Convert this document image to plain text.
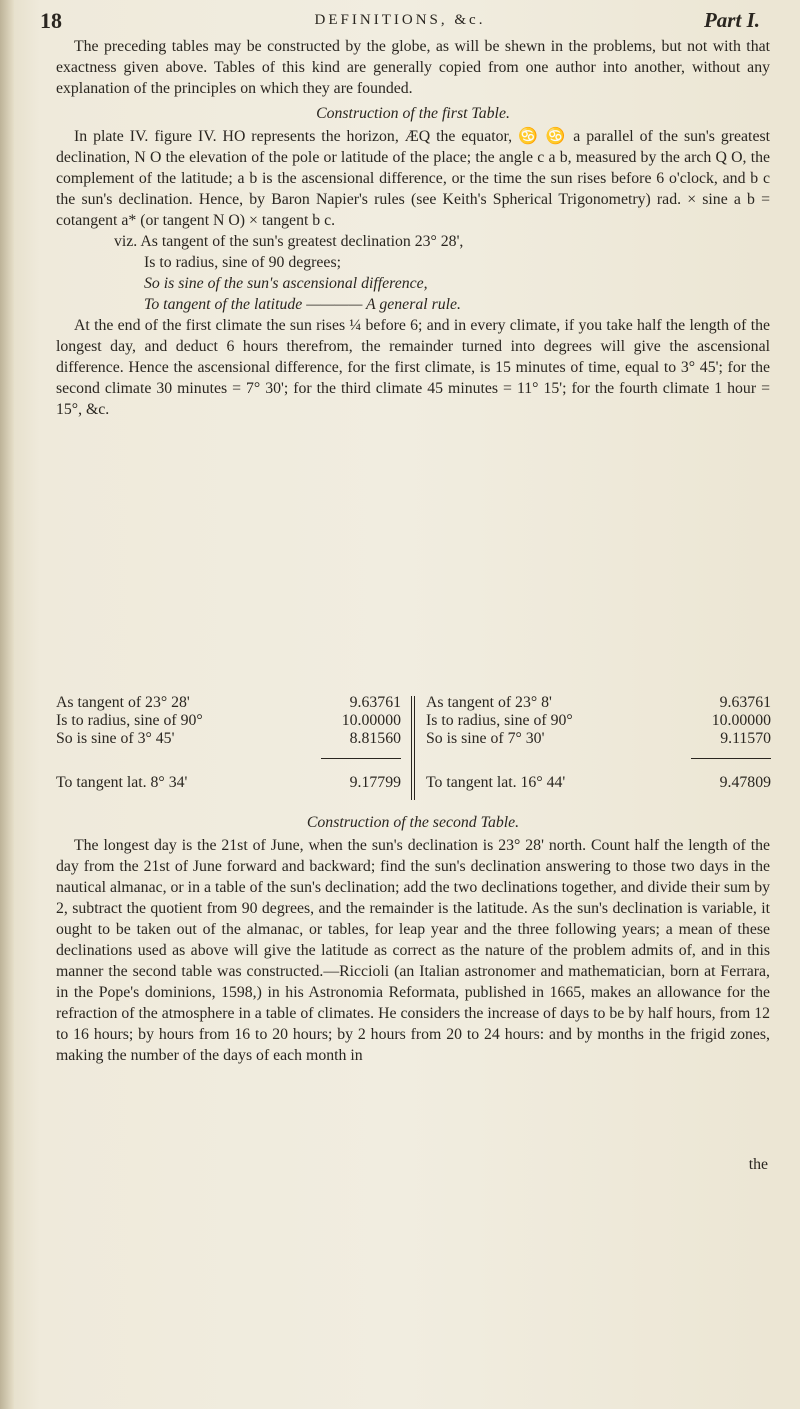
18	DEFINITIONS, &c.	Part I.

The preceding tables may be constructed by the globe, as will be shewn in the problems, but not with that exactness given above. Tables of this kind are generally copied from one author into another, without any explanation of the principles on which they are founded.

Construction of the first Table.

In plate IV. figure IV. HO represents the horizon, ÆQ the equator, ♋ ♋ a parallel of the sun's greatest declination, N O the elevation of the pole or latitude of the place; the angle c a b, measured by the arch Q O, the complement of the latitude; a b is the ascensional difference, or the time the sun rises before 6 o'clock, and b c the sun's declination. Hence, by Baron Napier's rules (see Keith's Spherical Trigonometry) rad. × sine a b = cotangent a* (or tangent N O) × tangent b c.

viz. As tangent of the sun's greatest declination 23° 28',

Is to radius, sine of 90 degrees;

So is sine of the sun's ascensional difference,

To tangent of the latitude ———— A general rule.

At the end of the first climate the sun rises ¼ before 6; and in every climate, if you take half the length of the longest day, and deduct 6 hours therefrom, the remainder turned into degrees will give the ascensional difference. Hence the ascensional difference, for the first climate, is 15 minutes of time, equal to 3° 45'; for the second climate 30 minutes = 7° 30'; for the third climate 45 minutes = 11° 15'; for the fourth climate 1 hour = 15°, &c.

As tangent of 23° 28'	9.63761
Is to radius, sine of 90°	10.00000
So is sine of 3° 45'	8.81560
To tangent lat. 8° 34'	9.17799
As tangent of 23° 8'	9.63761
Is to radius, sine of 90°	10.00000
So is sine of 7° 30'	9.11570
To tangent lat. 16° 44'	9.47809
Construction of the second Table.

The longest day is the 21st of June, when the sun's declination is 23° 28' north. Count half the length of the day from the 21st of June forward and backward; find the sun's declination answering to those two days in the nautical almanac, or in a table of the sun's declination; add the two declinations together, and divide their sum by 2, subtract the quotient from 90 degrees, and the remainder is the latitude. As the sun's declination is variable, it ought to be taken out of the almanac, or tables, for leap year and the three following years; a mean of these declinations used as above will give the latitude as correct as the nature of the problem admits of, and in this manner the second table was constructed.—Riccioli (an Italian astronomer and mathematician, born at Ferrara, in the Pope's dominions, 1598,) in his Astronomia Reformata, published in 1665, makes an allowance for the refraction of the atmosphere in a table of climates. He considers the increase of days to be by half hours, from 12 to 16 hours; by hours from 16 to 20 hours; by 2 hours from 20 to 24 hours: and by months in the frigid zones, making the number of the days of each month in

the
